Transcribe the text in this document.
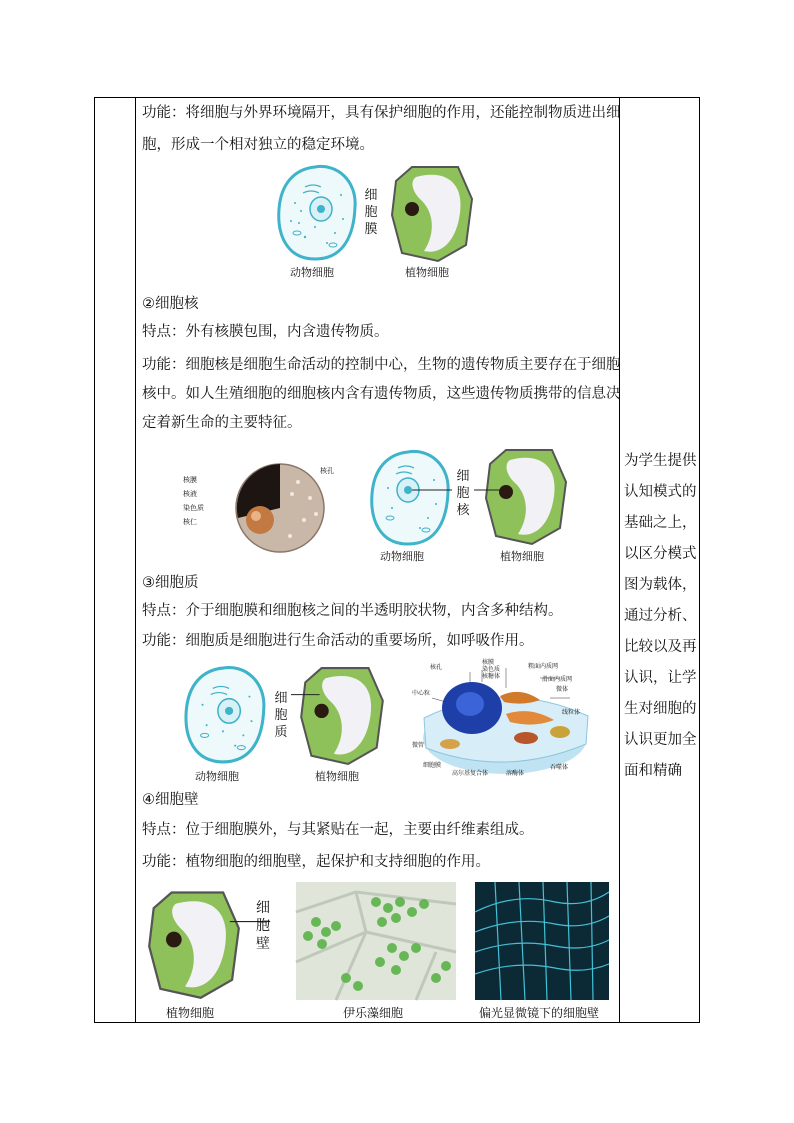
功能：将细胞与外界环境隔开，具有保护细胞的作用，还能控制物质进出细
胞，形成一个相对独立的稳定环境。
细
胞
膜
动物细胞	植物细胞
②细胞核
特点：外有核膜包围，内含遗传物质。
功能：细胞核是细胞生命活动的控制中心，生物的遗传物质主要存在于细胞
核中。如人生殖细胞的细胞核内含有遗传物质，这些遗传物质携带的信息决
定着新生命的主要特征。
核膜
核液
染色质
核仁
核孔	细
胞
核
动物细胞	植物细胞
③细胞质
特点：介于细胞膜和细胞核之间的半透明胶状物，内含多种结构。
功能：细胞质是细胞进行生命活动的重要场所，如呼吸作用。
细
胞
质
动物细胞	植物细胞
核孔
核膜
染色质
核糖体
粗面内质网
滑面内质网
中心粒
微体
线粒体
微管
细胞膜
高尔基复合体	溶酶体
吞噬体
④细胞壁
特点：位于细胞膜外，与其紧贴在一起，主要由纤维素组成。
功能：植物细胞的细胞壁，起保护和支持细胞的作用。
细
胞
壁
植物细胞	伊乐藻细胞	偏光显微镜下的细胞壁
为学生提供
认知模式的
基础之上，
以区分模式
图为载体，
通过分析、
比较以及再
认识，让学
生对细胞的
认识更加全
面和精确
